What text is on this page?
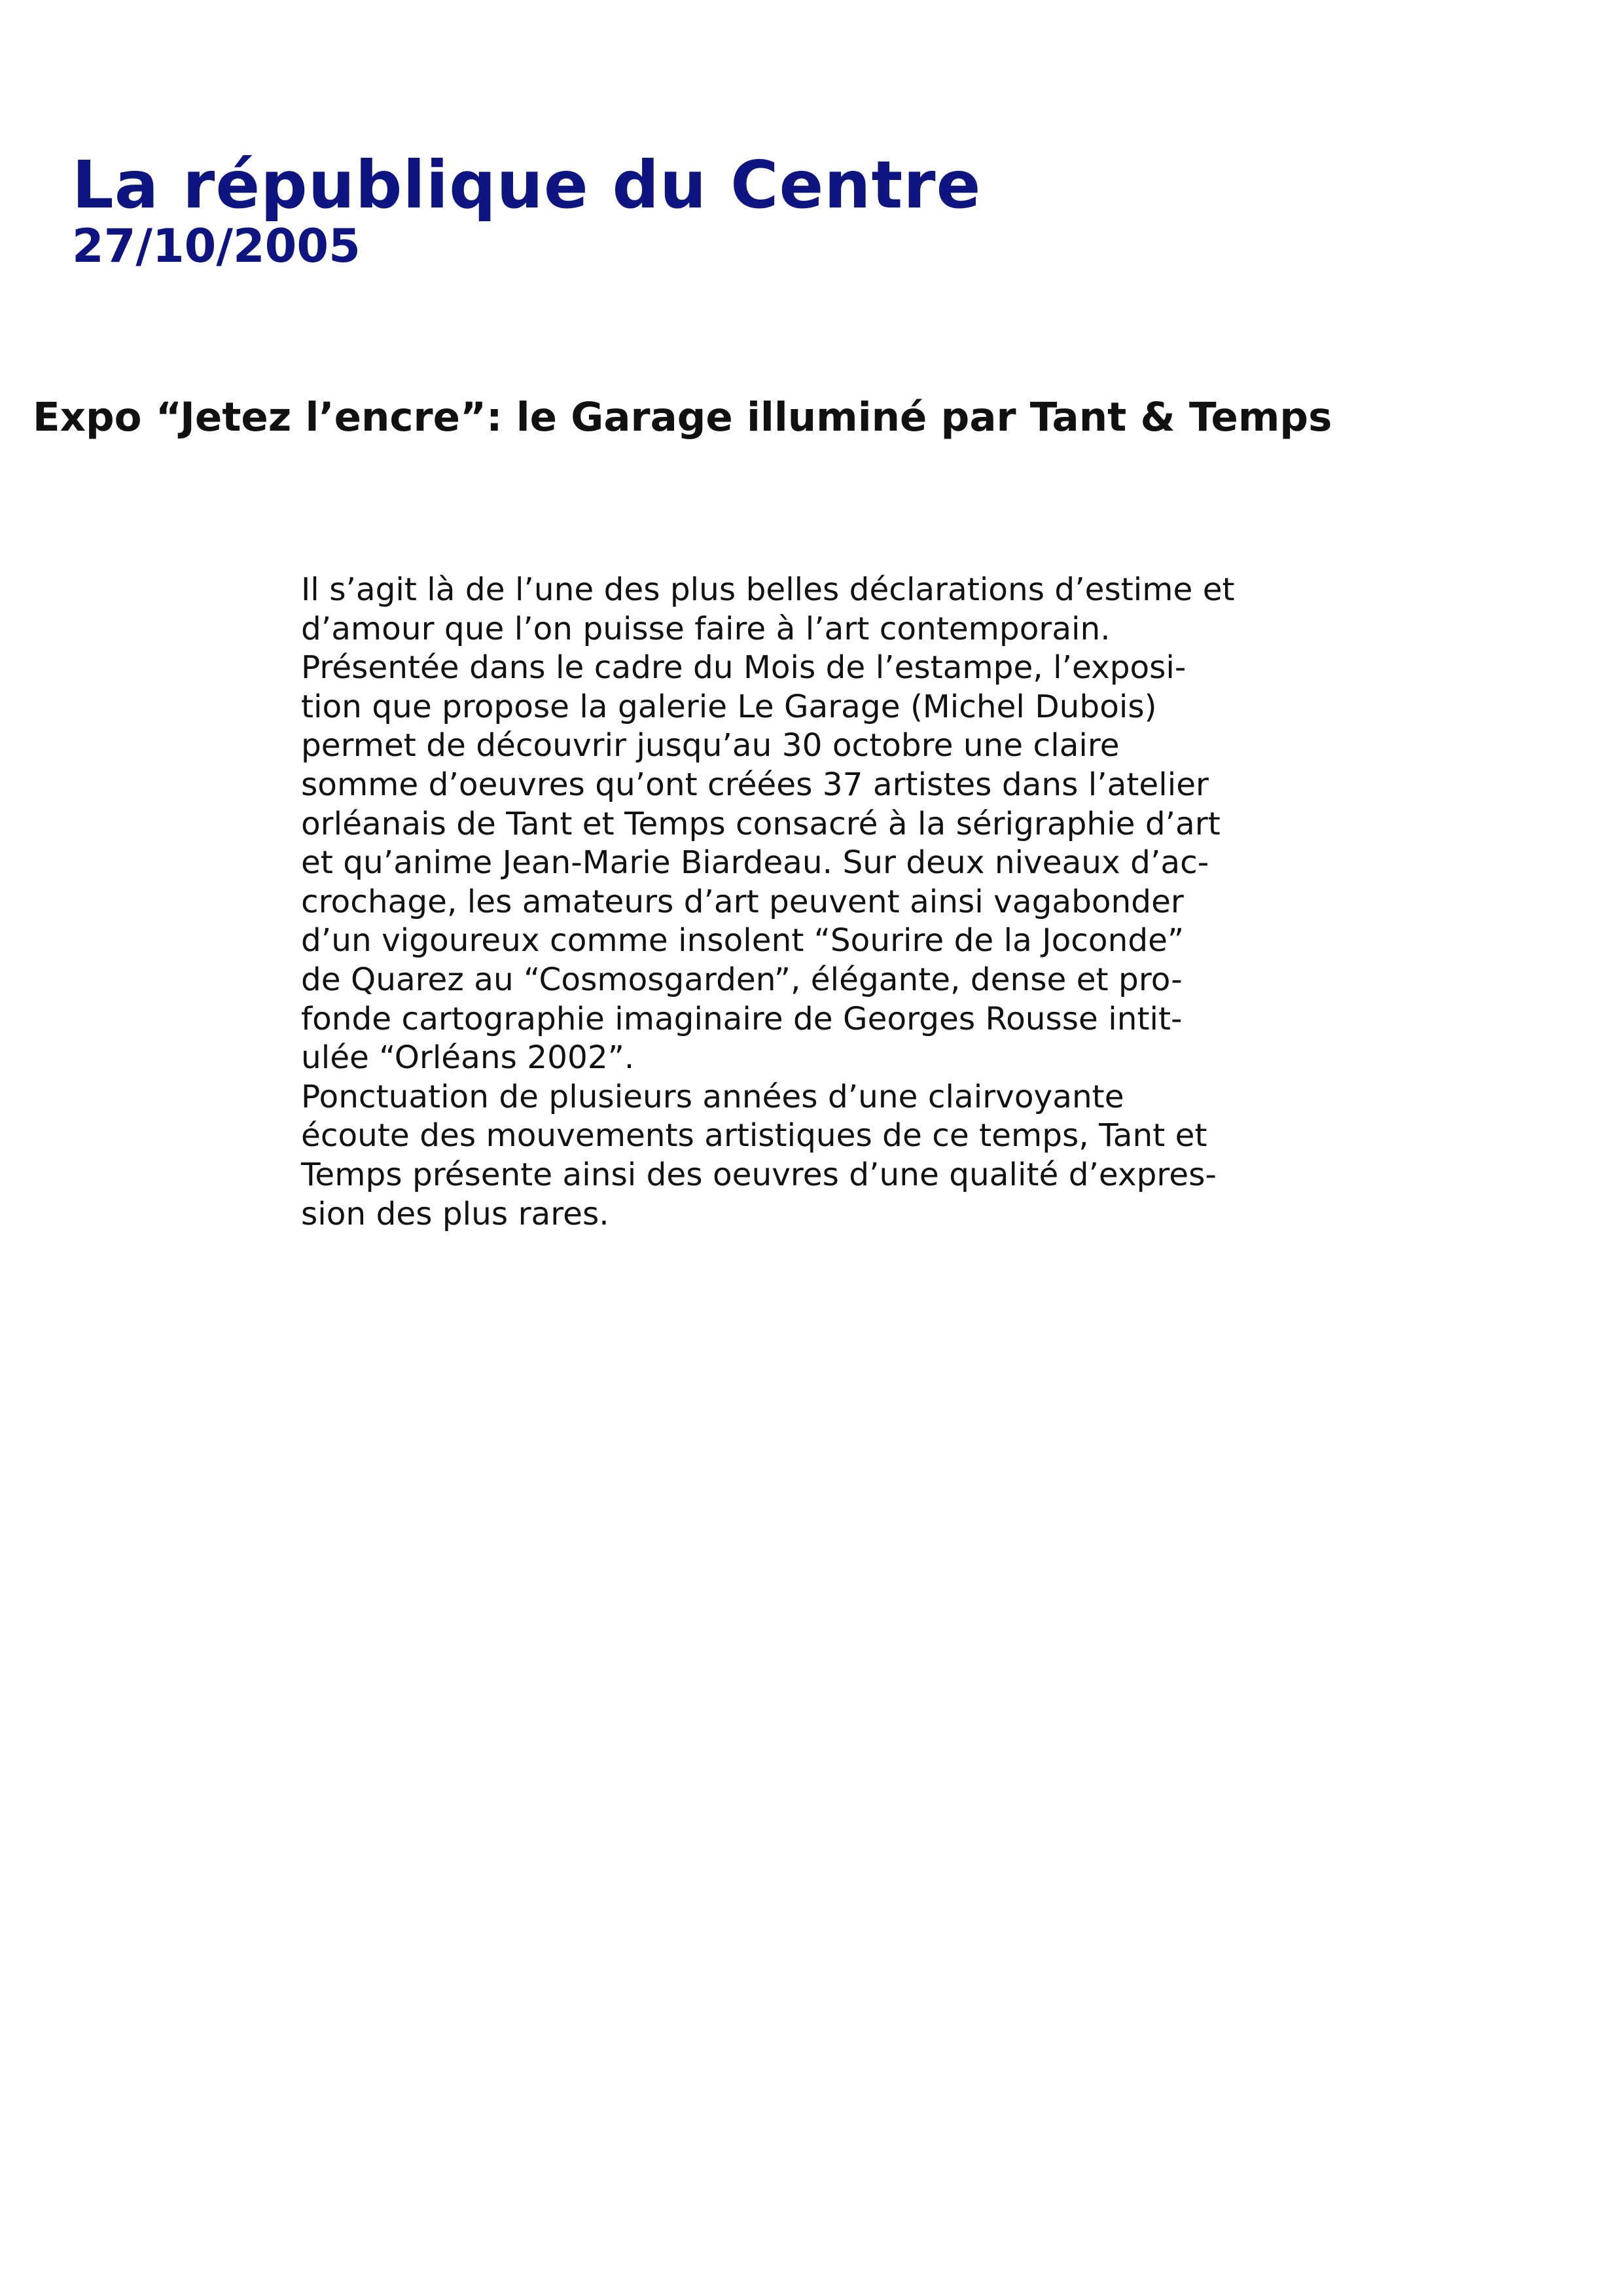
La république du Centre
27/10/2005
Expo “Jetez l’encre”: le Garage illuminé par Tant & Temps
Il s’agit là de l’une des plus belles déclarations d’estime et
d’amour que l’on puisse faire à l’art contemporain.
Présentée dans le cadre du Mois de l’estampe, l’exposi-
tion que propose la galerie Le Garage (Michel Dubois)
permet de découvrir jusqu’au 30 octobre une claire
somme d’oeuvres qu’ont créées 37 artistes dans l’atelier
orléanais de Tant et Temps consacré à la sérigraphie d’art
et qu’anime Jean-Marie Biardeau. Sur deux niveaux d’ac-
crochage, les amateurs d’art peuvent ainsi vagabonder
d’un vigoureux comme insolent “Sourire de la Joconde”
de Quarez au “Cosmosgarden”, élégante, dense et pro-
fonde cartographie imaginaire de Georges Rousse intit-
ulée “Orléans 2002”.
Ponctuation de plusieurs années d’une clairvoyante
écoute des mouvements artistiques de ce temps, Tant et
Temps présente ainsi des oeuvres d’une qualité d’expres-
sion des plus rares.
